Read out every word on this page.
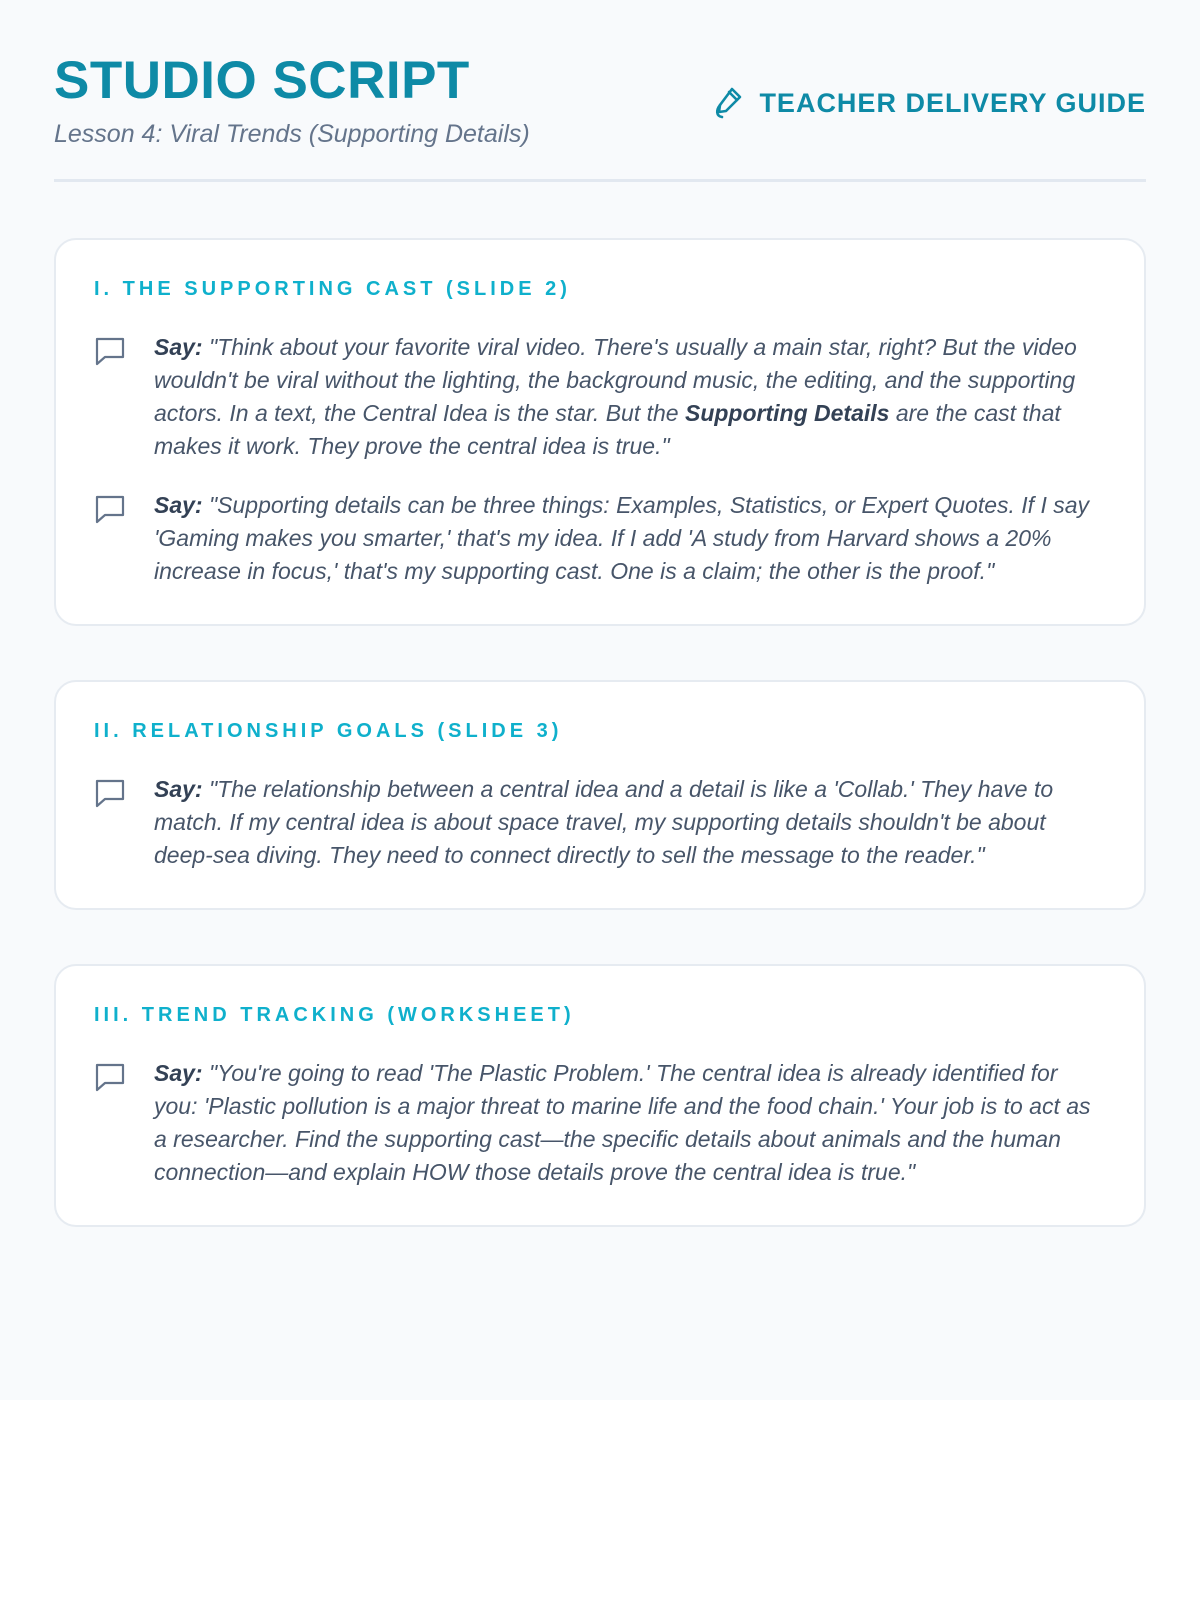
STUDIO SCRIPT
Lesson 4: Viral Trends (Supporting Details)
TEACHER DELIVERY GUIDE
I. THE SUPPORTING CAST (SLIDE 2)

Say: "Think about your favorite viral video. There's usually a main star, right? But the video wouldn't be viral without the lighting, the background music, the editing, and the supporting actors. In a text, the Central Idea is the star. But the Supporting Details are the cast that makes it work. They prove the central idea is true."

Say: "Supporting details can be three things: Examples, Statistics, or Expert Quotes. If I say 'Gaming makes you smarter,' that's my idea. If I add 'A study from Harvard shows a 20% increase in focus,' that's my supporting cast. One is a claim; the other is the proof."

II. RELATIONSHIP GOALS (SLIDE 3)

Say: "The relationship between a central idea and a detail is like a 'Collab.' They have to match. If my central idea is about space travel, my supporting details shouldn't be about deep-sea diving. They need to connect directly to sell the message to the reader."

III. TREND TRACKING (WORKSHEET)

Say: "You're going to read 'The Plastic Problem.' The central idea is already identified for you: 'Plastic pollution is a major threat to marine life and the food chain.' Your job is to act as a researcher. Find the supporting cast—the specific details about animals and the human connection—and explain HOW those details prove the central idea is true."
